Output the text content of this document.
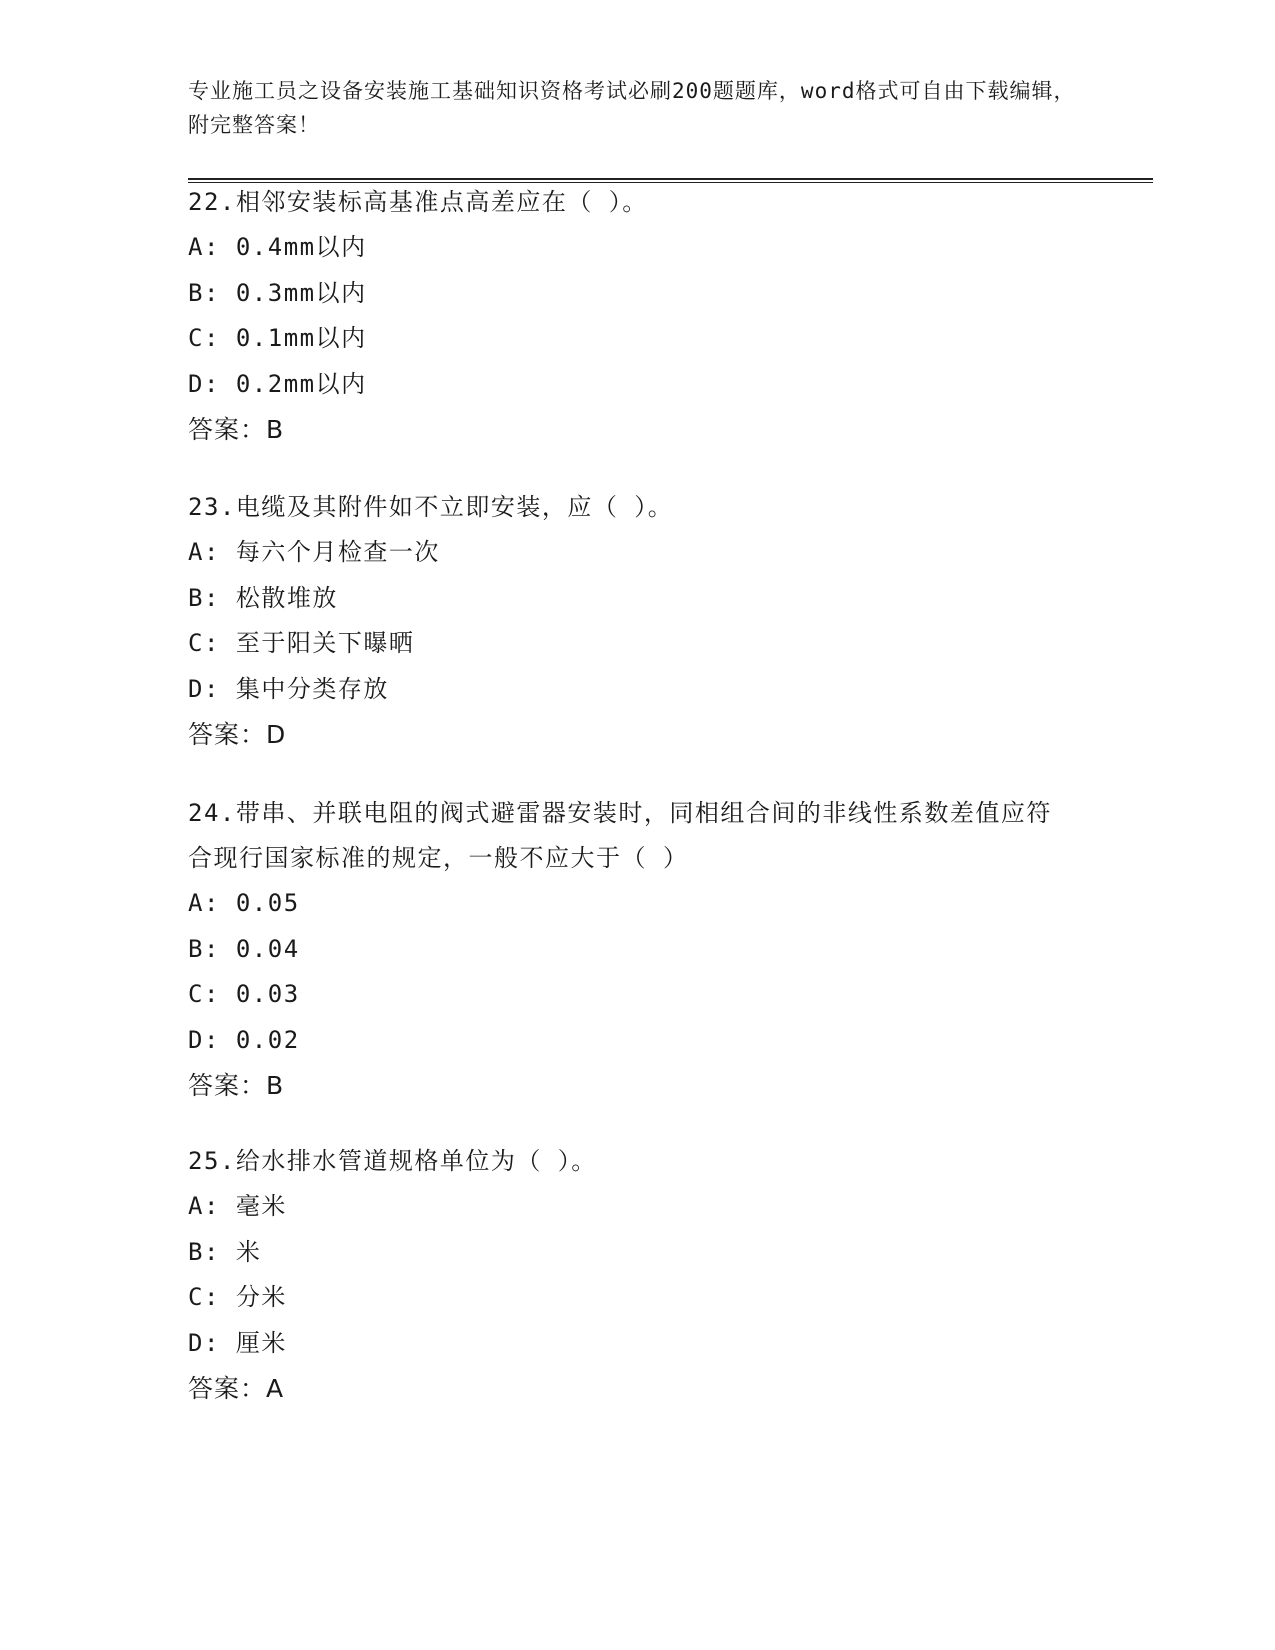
专业施工员之设备安装施工基础知识资格考试必刷200题题库，word格式可自由下载编辑，附完整答案！

22.相邻安装标高基准点高差应在（ ）。

A: 0.4mm以内

B: 0.3mm以内

C: 0.1mm以内

D: 0.2mm以内

答案：B

23.电缆及其附件如不立即安装，应（ ）。

A: 每六个月检查一次

B: 松散堆放

C: 至于阳关下曝晒

D: 集中分类存放

答案：D

24.带串、并联电阻的阀式避雷器安装时，同相组合间的非线性系数差值应符合现行国家标准的规定，一般不应大于（ ）

A: 0.05

B: 0.04

C: 0.03

D: 0.02

答案：B

25.给水排水管道规格单位为（ ）。

A: 毫米

B: 米

C: 分米

D: 厘米

答案：A
